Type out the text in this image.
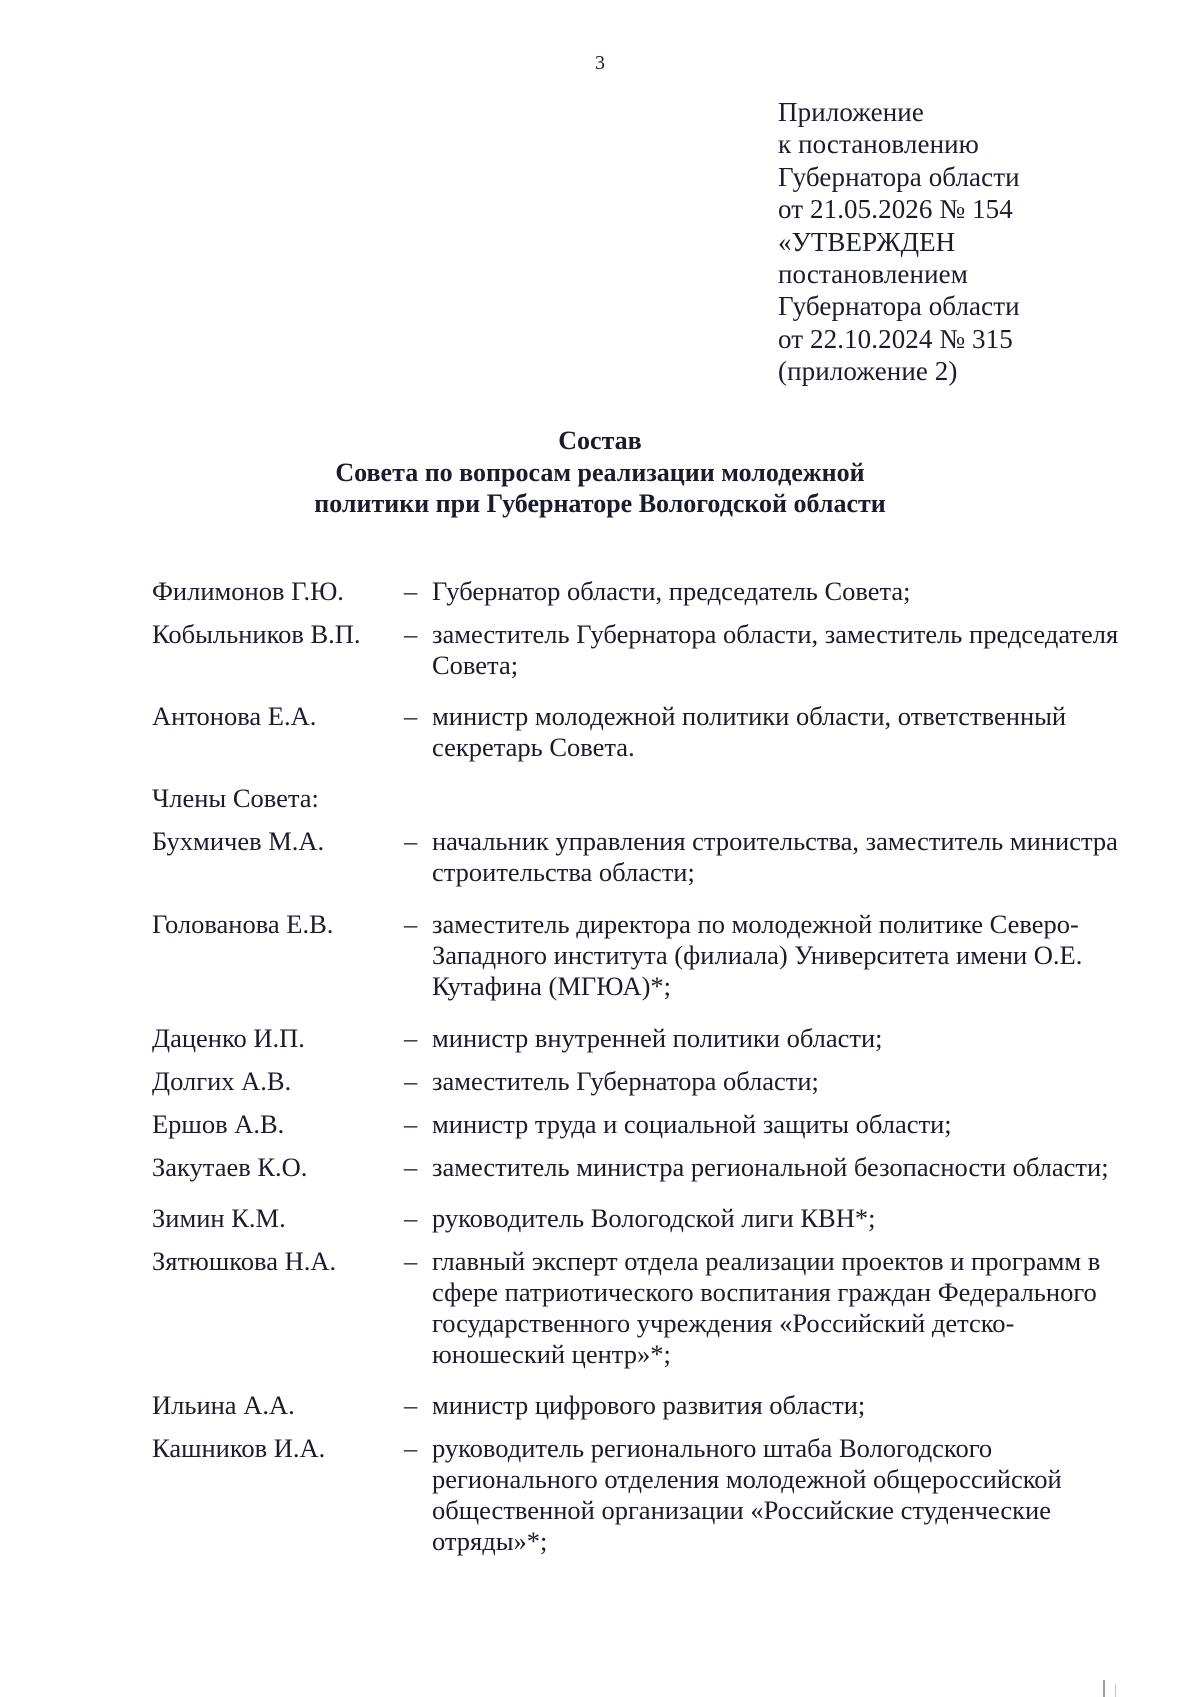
3
Приложение
к постановлению
Губернатора области
от 21.05.2026 № 154
«УТВЕРЖДЕН
постановлением
Губернатора области
от 22.10.2024 № 315
(приложение 2)
Состав
Совета по вопросам реализации молодежной
политики при Губернаторе Вологодской области
Филимонов Г.Ю.	– Губернатор области, председатель Совета;
Кобыльников В.П.	– заместитель Губернатора области, заместитель председателя Совета;
Антонова Е.А.	– министр молодежной политики области, ответственный секретарь Совета.
Члены Совета:
Бухмичев М.А.	– начальник управления строительства, заместитель министра строительства области;
Голованова Е.В.	– заместитель директора по молодежной политике Северо-Западного института (филиала) Университета имени О.Е. Кутафина (МГЮА)*;
Даценко И.П.	– министр внутренней политики области;
Долгих А.В.	– заместитель Губернатора области;
Ершов А.В.	– министр труда и социальной защиты области;
Закутаев К.О.	– заместитель министра региональной безопасности области;
Зимин К.М.	– руководитель Вологодской лиги КВН*;
Зятюшкова Н.А.	– главный эксперт отдела реализации проектов и программ в сфере патриотического воспитания граждан Федерального государственного учреждения «Российский детско-юношеский центр»*;
Ильина А.А.	– министр цифрового развития области;
Кашников И.А.	– руководитель регионального штаба Вологодского регионального отделения молодежной общероссийской общественной организации «Российские студенческие отряды»*;
